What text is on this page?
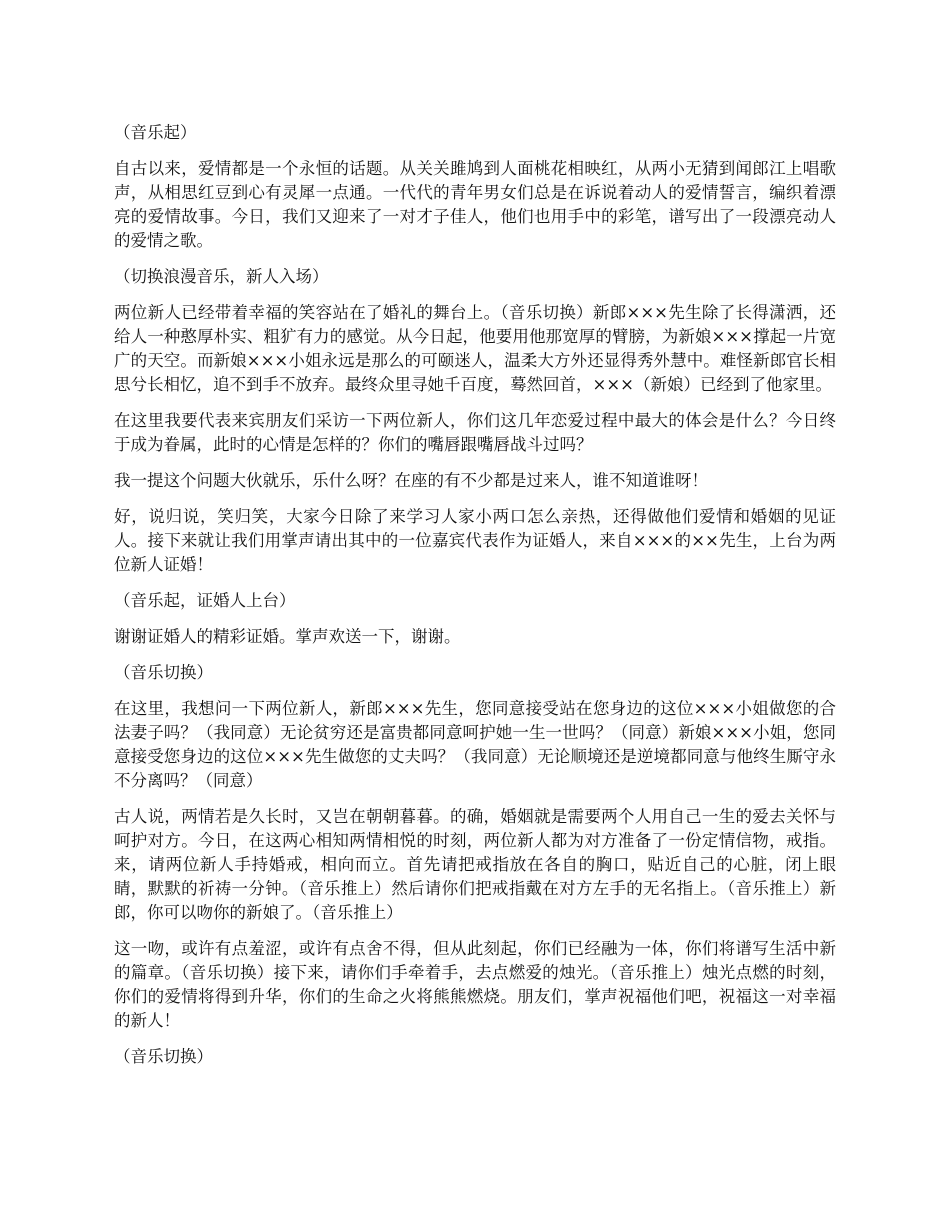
（音乐起）

自古以来，爱情都是一个永恒的话题。从关关雎鸠到人面桃花相映红，从两小无猜到闻郎江上唱歌声，从相思红豆到心有灵犀一点通。一代代的青年男女们总是在诉说着动人的爱情誓言，编织着漂亮的爱情故事。今日，我们又迎来了一对才子佳人，他们也用手中的彩笔，谱写出了一段漂亮动人的爱情之歌。

（切换浪漫音乐，新人入场）

两位新人已经带着幸福的笑容站在了婚礼的舞台上。（音乐切换）新郎×××先生除了长得潇洒，还给人一种憨厚朴实、粗犷有力的感觉。从今日起，他要用他那宽厚的臂膀，为新娘×××撑起一片宽广的天空。而新娘×××小姐永远是那么的可颐迷人，温柔大方外还显得秀外慧中。难怪新郎官长相思兮长相忆，追不到手不放弃。最终众里寻她千百度，蓦然回首，×××（新娘）已经到了他家里。

在这里我要代表来宾朋友们采访一下两位新人，你们这几年恋爱过程中最大的体会是什么？今日终于成为眷属，此时的心情是怎样的？你们的嘴唇跟嘴唇战斗过吗？

我一提这个问题大伙就乐，乐什么呀？在座的有不少都是过来人，谁不知道谁呀！

好，说归说，笑归笑，大家今日除了来学习人家小两口怎么亲热，还得做他们爱情和婚姻的见证人。接下来就让我们用掌声请出其中的一位嘉宾代表作为证婚人，来自×××的××先生，上台为两位新人证婚！

（音乐起，证婚人上台）

谢谢证婚人的精彩证婚。掌声欢送一下，谢谢。

（音乐切换）

在这里，我想问一下两位新人，新郎×××先生，您同意接受站在您身边的这位×××小姐做您的合法妻子吗？（我同意）无论贫穷还是富贵都同意呵护她一生一世吗？（同意）新娘×××小姐，您同意接受您身边的这位×××先生做您的丈夫吗？（我同意）无论顺境还是逆境都同意与他终生厮守永不分离吗？（同意）

古人说，两情若是久长时，又岂在朝朝暮暮。的确，婚姻就是需要两个人用自己一生的爱去关怀与呵护对方。今日，在这两心相知两情相悦的时刻，两位新人都为对方准备了一份定情信物，戒指。来，请两位新人手持婚戒，相向而立。首先请把戒指放在各自的胸口，贴近自己的心脏，闭上眼睛，默默的祈祷一分钟。（音乐推上）然后请你们把戒指戴在对方左手的无名指上。（音乐推上）新郎，你可以吻你的新娘了。（音乐推上）

这一吻，或许有点羞涩，或许有点舍不得，但从此刻起，你们已经融为一体，你们将谱写生活中新的篇章。（音乐切换）接下来，请你们手牵着手，去点燃爱的烛光。（音乐推上）烛光点燃的时刻，你们的爱情将得到升华，你们的生命之火将熊熊燃烧。朋友们，掌声祝福他们吧，祝福这一对幸福的新人！

（音乐切换）
